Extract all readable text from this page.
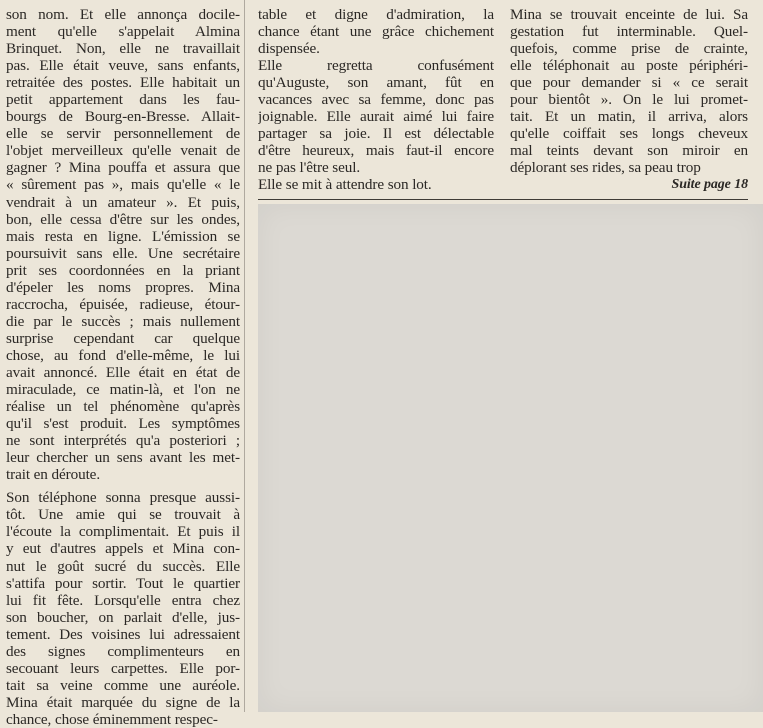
son nom. Et elle annonça docile-
ment qu'elle s'appelait Almina
Brinquet. Non, elle ne travaillait
pas. Elle était veuve, sans enfants,
retraitée des postes. Elle habitait un
petit appartement dans les fau-
bourgs de Bourg-en-Bresse. Allait-
elle se servir personnellement de
l'objet merveilleux qu'elle venait de
gagner ? Mina pouffa et assura que
« sûrement pas », mais qu'elle « le
vendrait à un amateur ». Et puis,
bon, elle cessa d'être sur les ondes,
mais resta en ligne. L'émission se
poursuivit sans elle. Une secrétaire
prit ses coordonnées en la priant
d'épeler les noms propres. Mina
raccrocha, épuisée, radieuse, étour-
die par le succès ; mais nullement
surprise cependant car quelque
chose, au fond d'elle-même, le lui
avait annoncé. Elle était en état de
miraculade, ce matin-là, et l'on ne
réalise un tel phénomène qu'après
qu'il s'est produit. Les symptômes
ne sont interprétés qu'a posteriori ;
leur chercher un sens avant les met-
trait en déroute.

Son téléphone sonna presque aussi-
tôt. Une amie qui se trouvait à
l'écoute la complimentait. Et puis il
y eut d'autres appels et Mina con-
nut le goût sucré du succès. Elle
s'attifa pour sortir. Tout le quartier
lui fit fête. Lorsqu'elle entra chez
son boucher, on parlait d'elle, jus-
tement. Des voisines lui adressaient
des signes complimenteurs en
secouant leurs carpettes. Elle por-
tait sa veine comme une auréole.
Mina était marquée du signe de la
chance, chose éminemment respec-

table et digne d'admiration, la
chance étant une grâce chichement
dispensée.

Elle regretta confusément
qu'Auguste, son amant, fût en
vacances avec sa femme, donc pas
joignable. Elle aurait aimé lui faire
partager sa joie. Il est délectable
d'être heureux, mais faut-il encore
ne pas l'être seul.

Elle se mit à attendre son lot.

Mina se trouvait enceinte de lui. Sa
gestation fut interminable. Quel-
quefois, comme prise de crainte,
elle téléphonait au poste périphéri-
que pour demander si « ce serait
pour bientôt ». On le lui promet-
tait. Et un matin, il arriva, alors
qu'elle coiffait ses longs cheveux
mal teints devant son miroir en
déplorant ses rides, sa peau trop

Suite page 18
